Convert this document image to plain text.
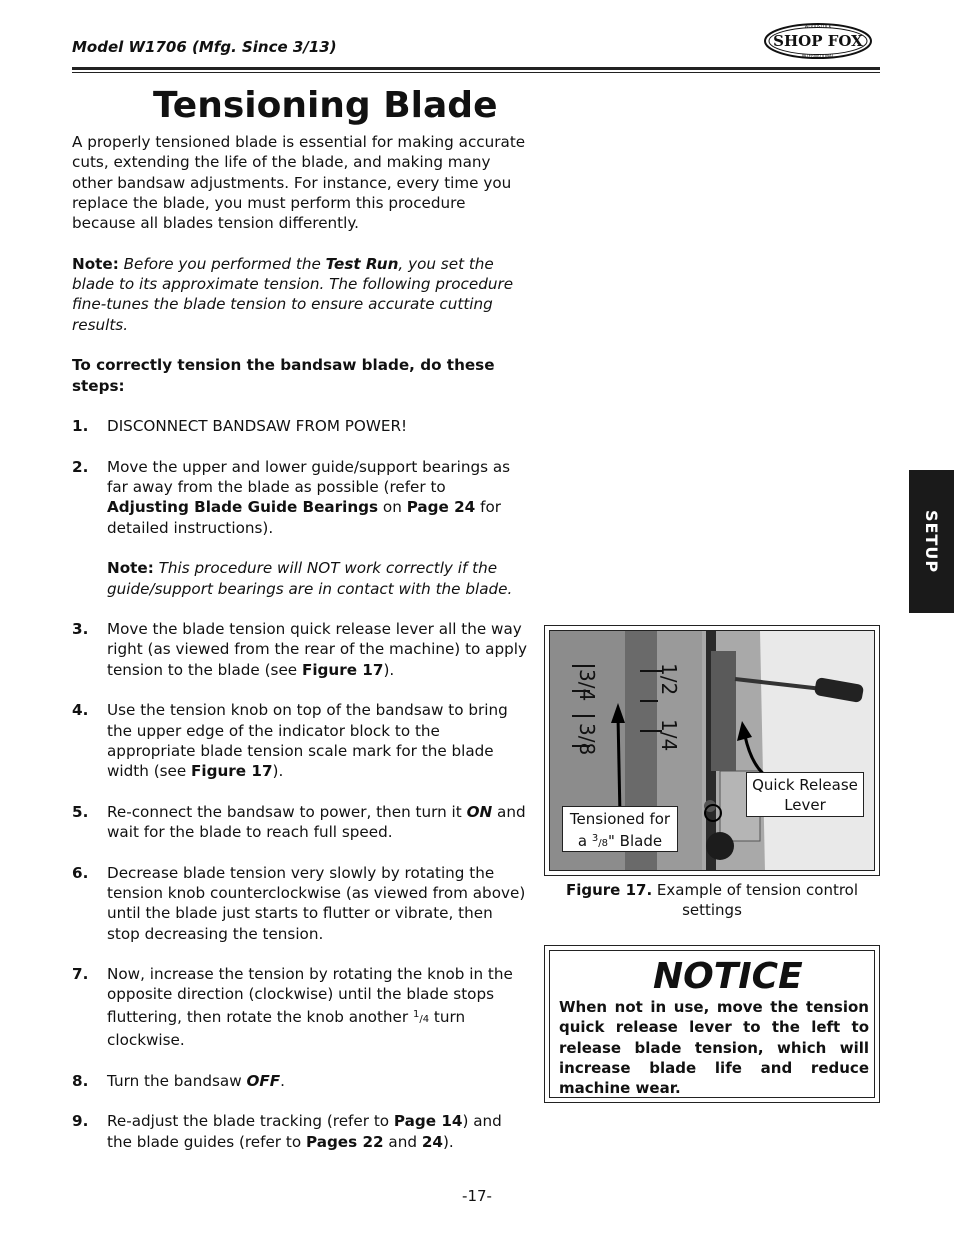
Model W1706 (Mfg. Since 3/13)	SHOP FOX
WOODSTOCK
INTERNATIONAL
Tensioning Blade

A properly tensioned blade is essential for making accurate cuts, extending the life of the blade, and making many other bandsaw adjustments. For instance, every time you replace the blade, you must perform this procedure because all blades tension differently.

Note: Before you performed the Test Run, you set the blade to its approximate tension. The following procedure fine-tunes the blade tension to ensure accurate cutting results.

To correctly tension the bandsaw blade, do these steps:

1.	DISCONNECT BANDSAW FROM POWER!
2.	Move the upper and lower guide/support bearings as far away from the blade as possible (refer to Adjusting Blade Guide Bearings on Page 24 for detailed instructions).

Note: This procedure will NOT work correctly if the guide/support bearings are in contact with the blade.

3.	Move the blade tension quick release lever all the way right (as viewed from the rear of the machine) to apply tension to the blade (see Figure 17).
4.	Use the tension knob on top of the bandsaw to bring the upper edge of the indicator block to the appropriate blade tension scale mark for the blade width (see Figure 17).
5.	Re-connect the bandsaw to power, then turn it ON and wait for the blade to reach full speed.
6.	Decrease blade tension very slowly by rotating the tension knob counterclockwise (as viewed from above) until the blade just starts to flutter or vibrate, then stop decreasing the tension.
7.	Now, increase the tension by rotating the knob in the opposite direction (clockwise) until the blade stops fluttering, then rotate the knob another 1/4 turn clockwise.
8.	Turn the bandsaw OFF.
9.	Re-adjust the blade tracking (refer to Page 14) and the blade guides (refer to Pages 22 and 24).
SETUP
3/4
3/8
1/2
1/4
Quick Release Lever
Tensioned for
a 3/8" Blade
Figure 17. Example of tension control settings
NOTICE
When not in use, move the tension quick release lever to the left to release blade tension, which will increase blade life and reduce machine wear.
-17-
